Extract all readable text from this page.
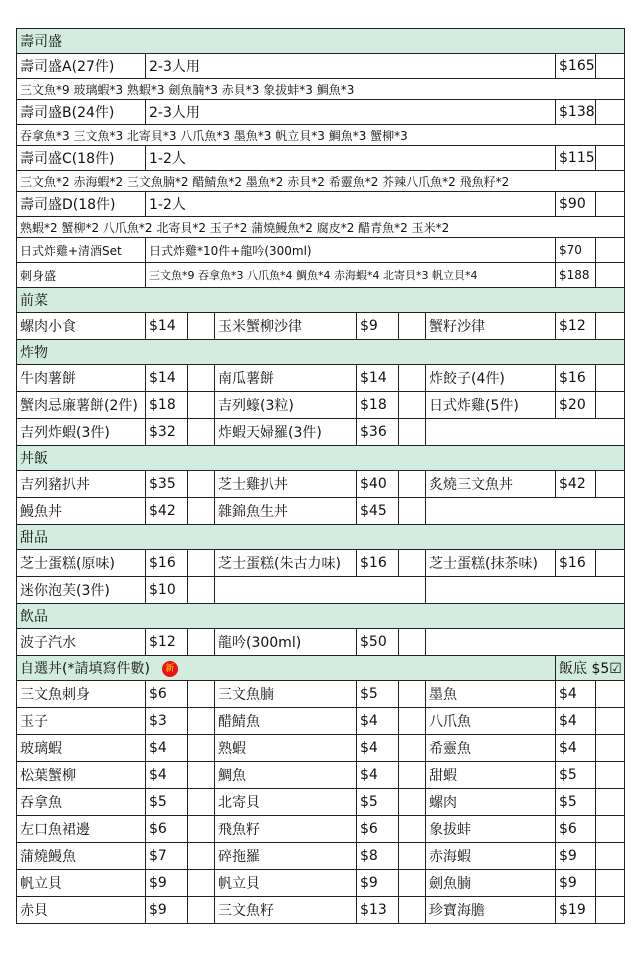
壽司盛								
壽司盛A(27件)	2-3人用						$165	
三文魚*9 玻璃蝦*3 熟蝦*3 劍魚腩*3 赤貝*3 象拔蚌*3 鯛魚*3								
壽司盛B(24件)	2-3人用						$138	
吞拿魚*3 三文魚*3 北寄貝*3 八爪魚*3 墨魚*3 帆立貝*3 鯛魚*3 蟹柳*3								
壽司盛C(18件)	1-2人						$115	
三文魚*2 赤海蝦*2 三文魚腩*2 醋鯖魚*2 墨魚*2 赤貝*2 希靈魚*2 芥辣八爪魚*2 飛魚籽*2								
壽司盛D(18件)	1-2人						$90	
熟蝦*2 蟹柳*2 八爪魚*2 北寄貝*2 玉子*2 蒲燒鰻魚*2 腐皮*2 醋青魚*2 玉米*2								
日式炸雞+清酒Set	日式炸雞*10件+龍吟(300ml)						$70	
刺身盛	三文魚*9 吞拿魚*3 八爪魚*4 鯛魚*4 赤海蝦*4 北寄貝*3 帆立貝*4						$188	
前菜								
螺肉小食	$14		玉米蟹柳沙律	$9		蟹籽沙律	$12	
炸物								
牛肉薯餅	$14		南瓜薯餅	$14		炸餃子(4件)	$16	
蟹肉忌廉薯餅(2件)	$18		吉列蠔(3粒)	$18		日式炸雞(5件)	$20	
吉列炸蝦(3件)	$32		炸蝦天婦羅(3件)	$36				
丼飯								
吉列豬扒丼	$35		芝士雞扒丼	$40		炙燒三文魚丼	$42	
鰻魚丼	$42		雜錦魚生丼	$45				
甜品								
芝士蛋糕(原味)	$16		芝士蛋糕(朱古力味)	$16		芝士蛋糕(抹茶味)	$16	
迷你泡芙(3件)	$10							
飲品								
波子汽水	$12		龍吟(300ml)	$50				
自選丼(*請填寫件數) 新							飯底 $5☑	
三文魚刺身	$6		三文魚腩	$5		墨魚	$4	
玉子	$3		醋鯖魚	$4		八爪魚	$4	
玻璃蝦	$4		熟蝦	$4		希靈魚	$4	
松葉蟹柳	$4		鯛魚	$4		甜蝦	$5	
吞拿魚	$5		北寄貝	$5		螺肉	$5	
左口魚裙邊	$6		飛魚籽	$6		象拔蚌	$6	
蒲燒鰻魚	$7		碎拖羅	$8		赤海蝦	$9	
帆立貝	$9		帆立貝	$9		劍魚腩	$9	
赤貝	$9		三文魚籽	$13		珍寶海膽	$19	
